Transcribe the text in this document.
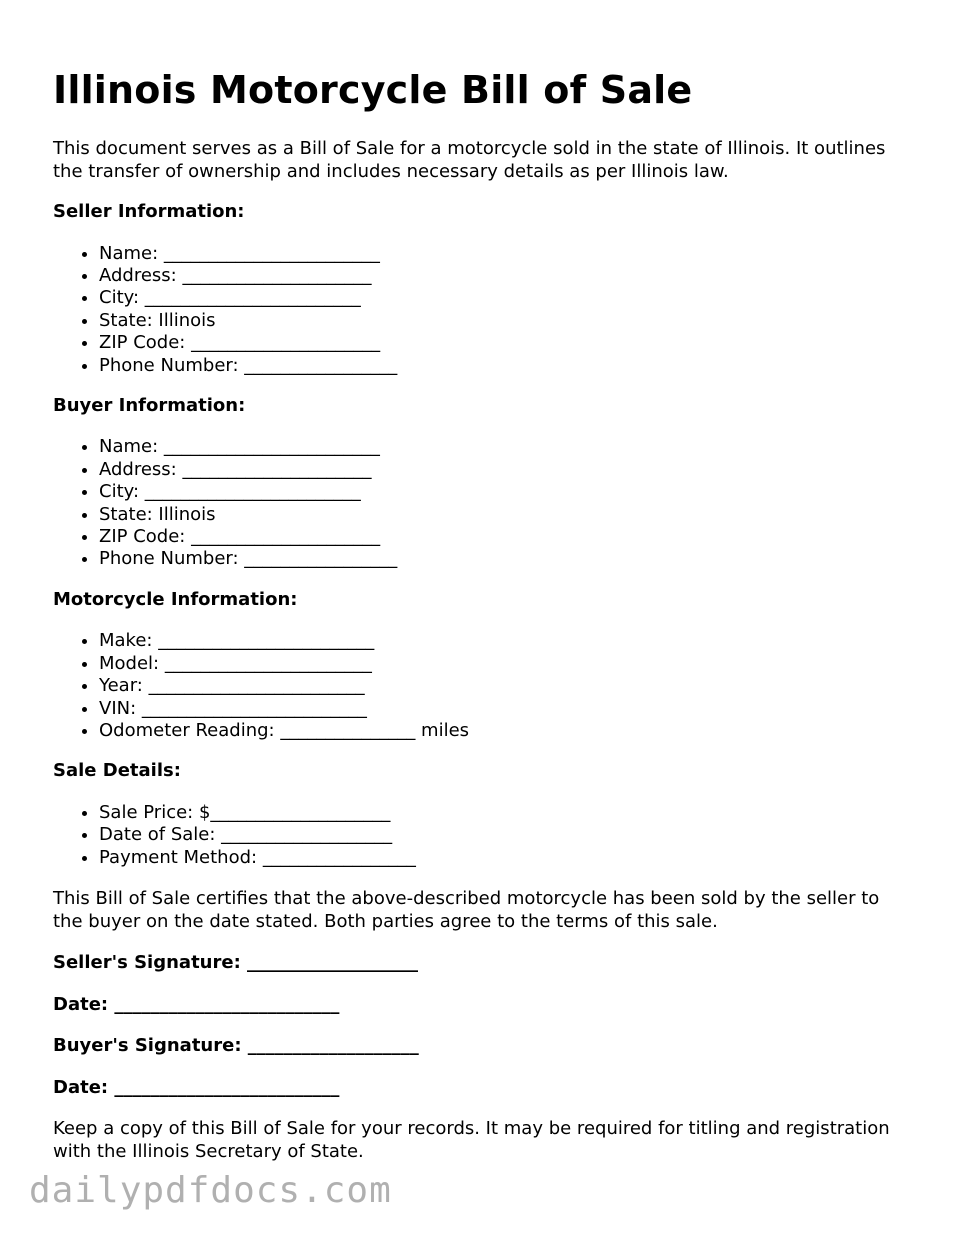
Illinois Motorcycle Bill of Sale

This document serves as a Bill of Sale for a motorcycle sold in the state of Illinois. It outlines the transfer of ownership and includes necessary details as per Illinois law.

Seller Information:
• Name: ________________________
• Address: _____________________
• City: ________________________
• State: Illinois
• ZIP Code: _____________________
• Phone Number: _________________
Buyer Information:
• Name: ________________________
• Address: _____________________
• City: ________________________
• State: Illinois
• ZIP Code: _____________________
• Phone Number: _________________
Motorcycle Information:
• Make: ________________________
• Model: _______________________
• Year: ________________________
• VIN: _________________________
• Odometer Reading: _______________ miles
Sale Details:
• Sale Price: $____________________
• Date of Sale: ___________________
• Payment Method: _________________

This Bill of Sale certifies that the above-described motorcycle has been sold by the seller to the buyer on the date stated. Both parties agree to the terms of this sale.

Seller's Signature: ___________________
Date: _________________________
Buyer's Signature: ___________________
Date: _________________________

Keep a copy of this Bill of Sale for your records. It may be required for titling and registration with the Illinois Secretary of State.

dailypdfdocs.com
